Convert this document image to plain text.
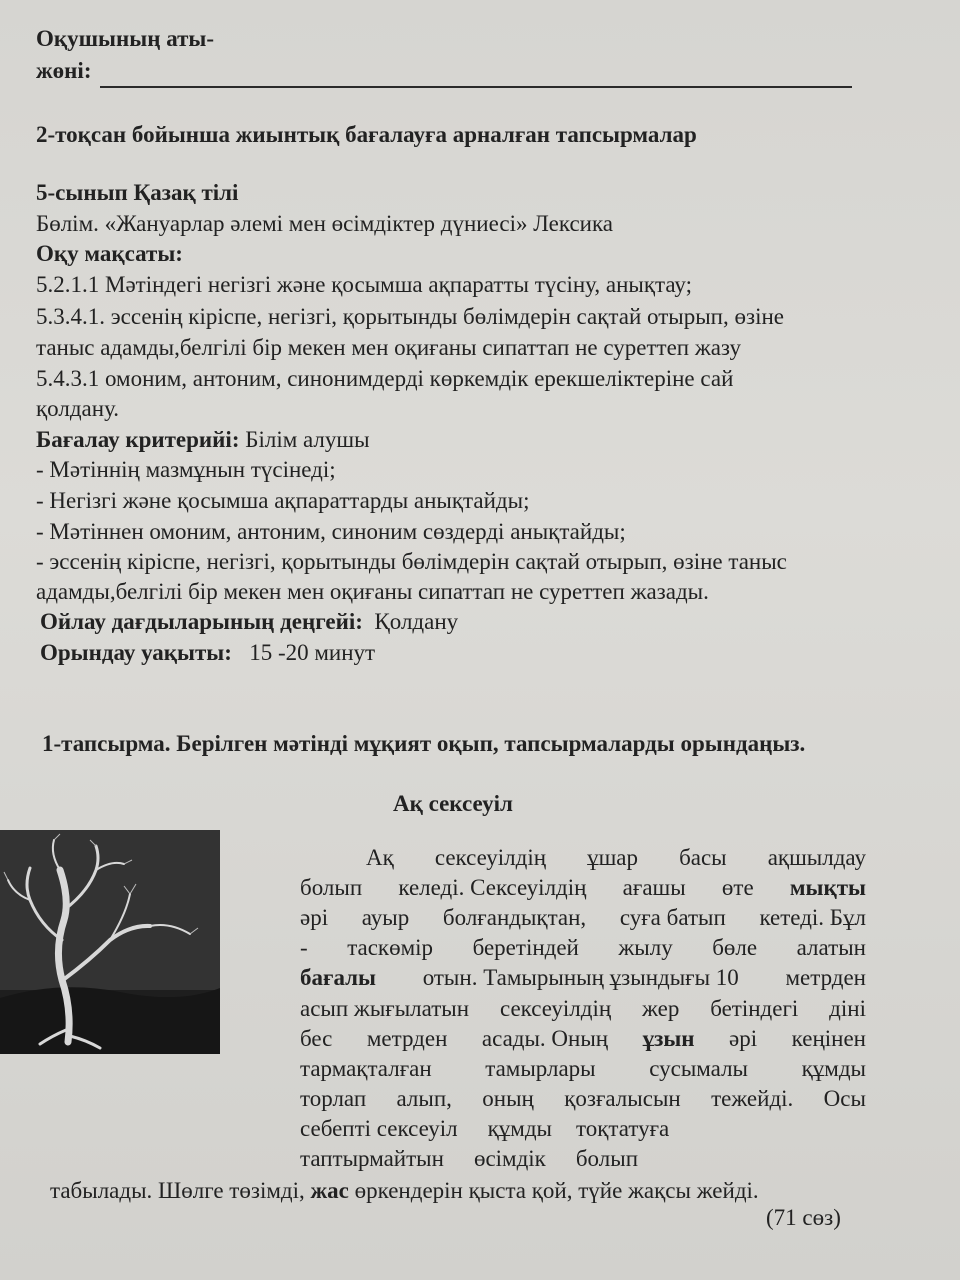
Оқушының аты-
жөні:
2-тоқсан бойынша жиынтық бағалауға арналған тапсырмалар
5-сынып Қазақ тілі
Бөлім. «Жануарлар әлемі мен өсімдіктер дүниесі» Лексика
Оқу мақсаты:
5.2.1.1 Мәтіндегі негізгі және қосымша ақпаратты түсіну, анықтау;
5.3.4.1. эссенің кіріспе, негізгі, қорытынды бөлімдерін сақтай отырып, өзіне
таныс адамды,белгілі бір мекен мен оқиғаны сипаттап не суреттеп жазу
5.4.3.1 омоним, антоним, синонимдерді көркемдік ерекшеліктеріне сай
қолдану.
Бағалау критерийі: Білім алушы
- Мәтіннің мазмұнын түсінеді;
- Негізгі және қосымша ақпараттарды анықтайды;
- Мәтіннен омоним, антоним, синоним сөздерді анықтайды;
- эссенің кіріспе, негізгі, қорытынды бөлімдерін сақтай отырып, өзіне таныс
адамды,белгілі бір мекен мен оқиғаны сипаттап не суреттеп жазады.
Ойлау дағдыларының деңгейі: Қолдану
Орындау уақыты: 15 -20 минут
1-тапсырма. Берілген мәтінді мұқият оқып, тапсырмаларды орындаңыз.
Ақ сексеуіл
Ақ сексеуілдің ұшар басы ақшылдау
болып келеді. Сексеуілдің ағашы өте мықты
әрі ауыр болғандықтан, суға батып кетеді. Бұл
- таскөмір беретіндей жылу бөле алатын
бағалы отын. Тамырының ұзындығы 10 метрден
асып жығылатын сексеуілдің жер бетіндегі діні
бес метрден асады. Оның ұзын әрі кеңінен
тармақталған тамырлары сусымалы құмды
торлап алып, оның қозғалысын тежейді. Осы
себепті сексеуіл құмды тоқтатуға
таптырмайтын өсімдік болып
табылады. Шөлге төзімді, жас өркендерін қыста қой, түйе жақсы жейді.
(71 сөз)
